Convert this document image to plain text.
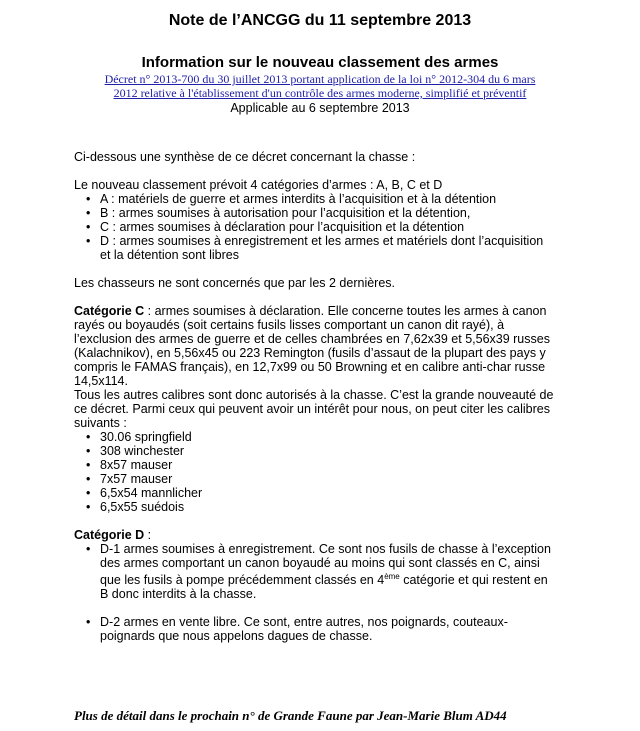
Note de l’ANCGG du 11 septembre 2013
Information sur le nouveau classement des armes
Décret n° 2013-700 du 30 juillet 2013 portant application de la loi n° 2012-304 du 6 mars
2012 relative à l'établissement d'un contrôle des armes moderne, simplifié et préventif
Applicable au 6 septembre 2013

Ci-dessous une synthèse de ce décret concernant la chasse :

Le nouveau classement prévoit 4 catégories d’armes : A, B, C et D

• A : matériels de guerre et armes interdits à l’acquisition et à la détention
• B : armes soumises à autorisation pour l’acquisition et la détention,
• C : armes soumises à déclaration pour l’acquisition et la détention
• D : armes soumises à enregistrement et les armes et matériels dont l’acquisition et la détention sont libres

Les chasseurs ne sont concernés que par les 2 dernières.

Catégorie C : armes soumises à déclaration. Elle concerne toutes les armes à canon rayés ou boyaudés (soit certains fusils lisses comportant un canon dit rayé), à l’exclusion des armes de guerre et de celles chambrées en 7,62x39 et 5,56x39 russes (Kalachnikov), en 5,56x45 ou 223 Remington (fusils d’assaut de la plupart des pays y compris le FAMAS français), en 12,7x99 ou 50 Browning et en calibre anti-char russe 14,5x114.

Tous les autres calibres sont donc autorisés à la chasse. C’est la grande nouveauté de ce décret. Parmi ceux qui peuvent avoir un intérêt pour nous, on peut citer les calibres suivants :

• 30.06 springfield
• 308 winchester
• 8x57 mauser
• 7x57 mauser
• 6,5x54 mannlicher
• 6,5x55 suédois

Catégorie D :

• D-1 armes soumises à enregistrement. Ce sont nos fusils de chasse à l’exception des armes comportant un canon boyaudé au moins qui sont classés en C, ainsi que les fusils à pompe précédemment classés en 4ème catégorie et qui restent en B donc interdits à la chasse.
• D-2 armes en vente libre. Ce sont, entre autres, nos poignards, couteaux-poignards que nous appelons dagues de chasse.
Plus de détail dans le prochain n° de Grande Faune par Jean-Marie Blum AD44
